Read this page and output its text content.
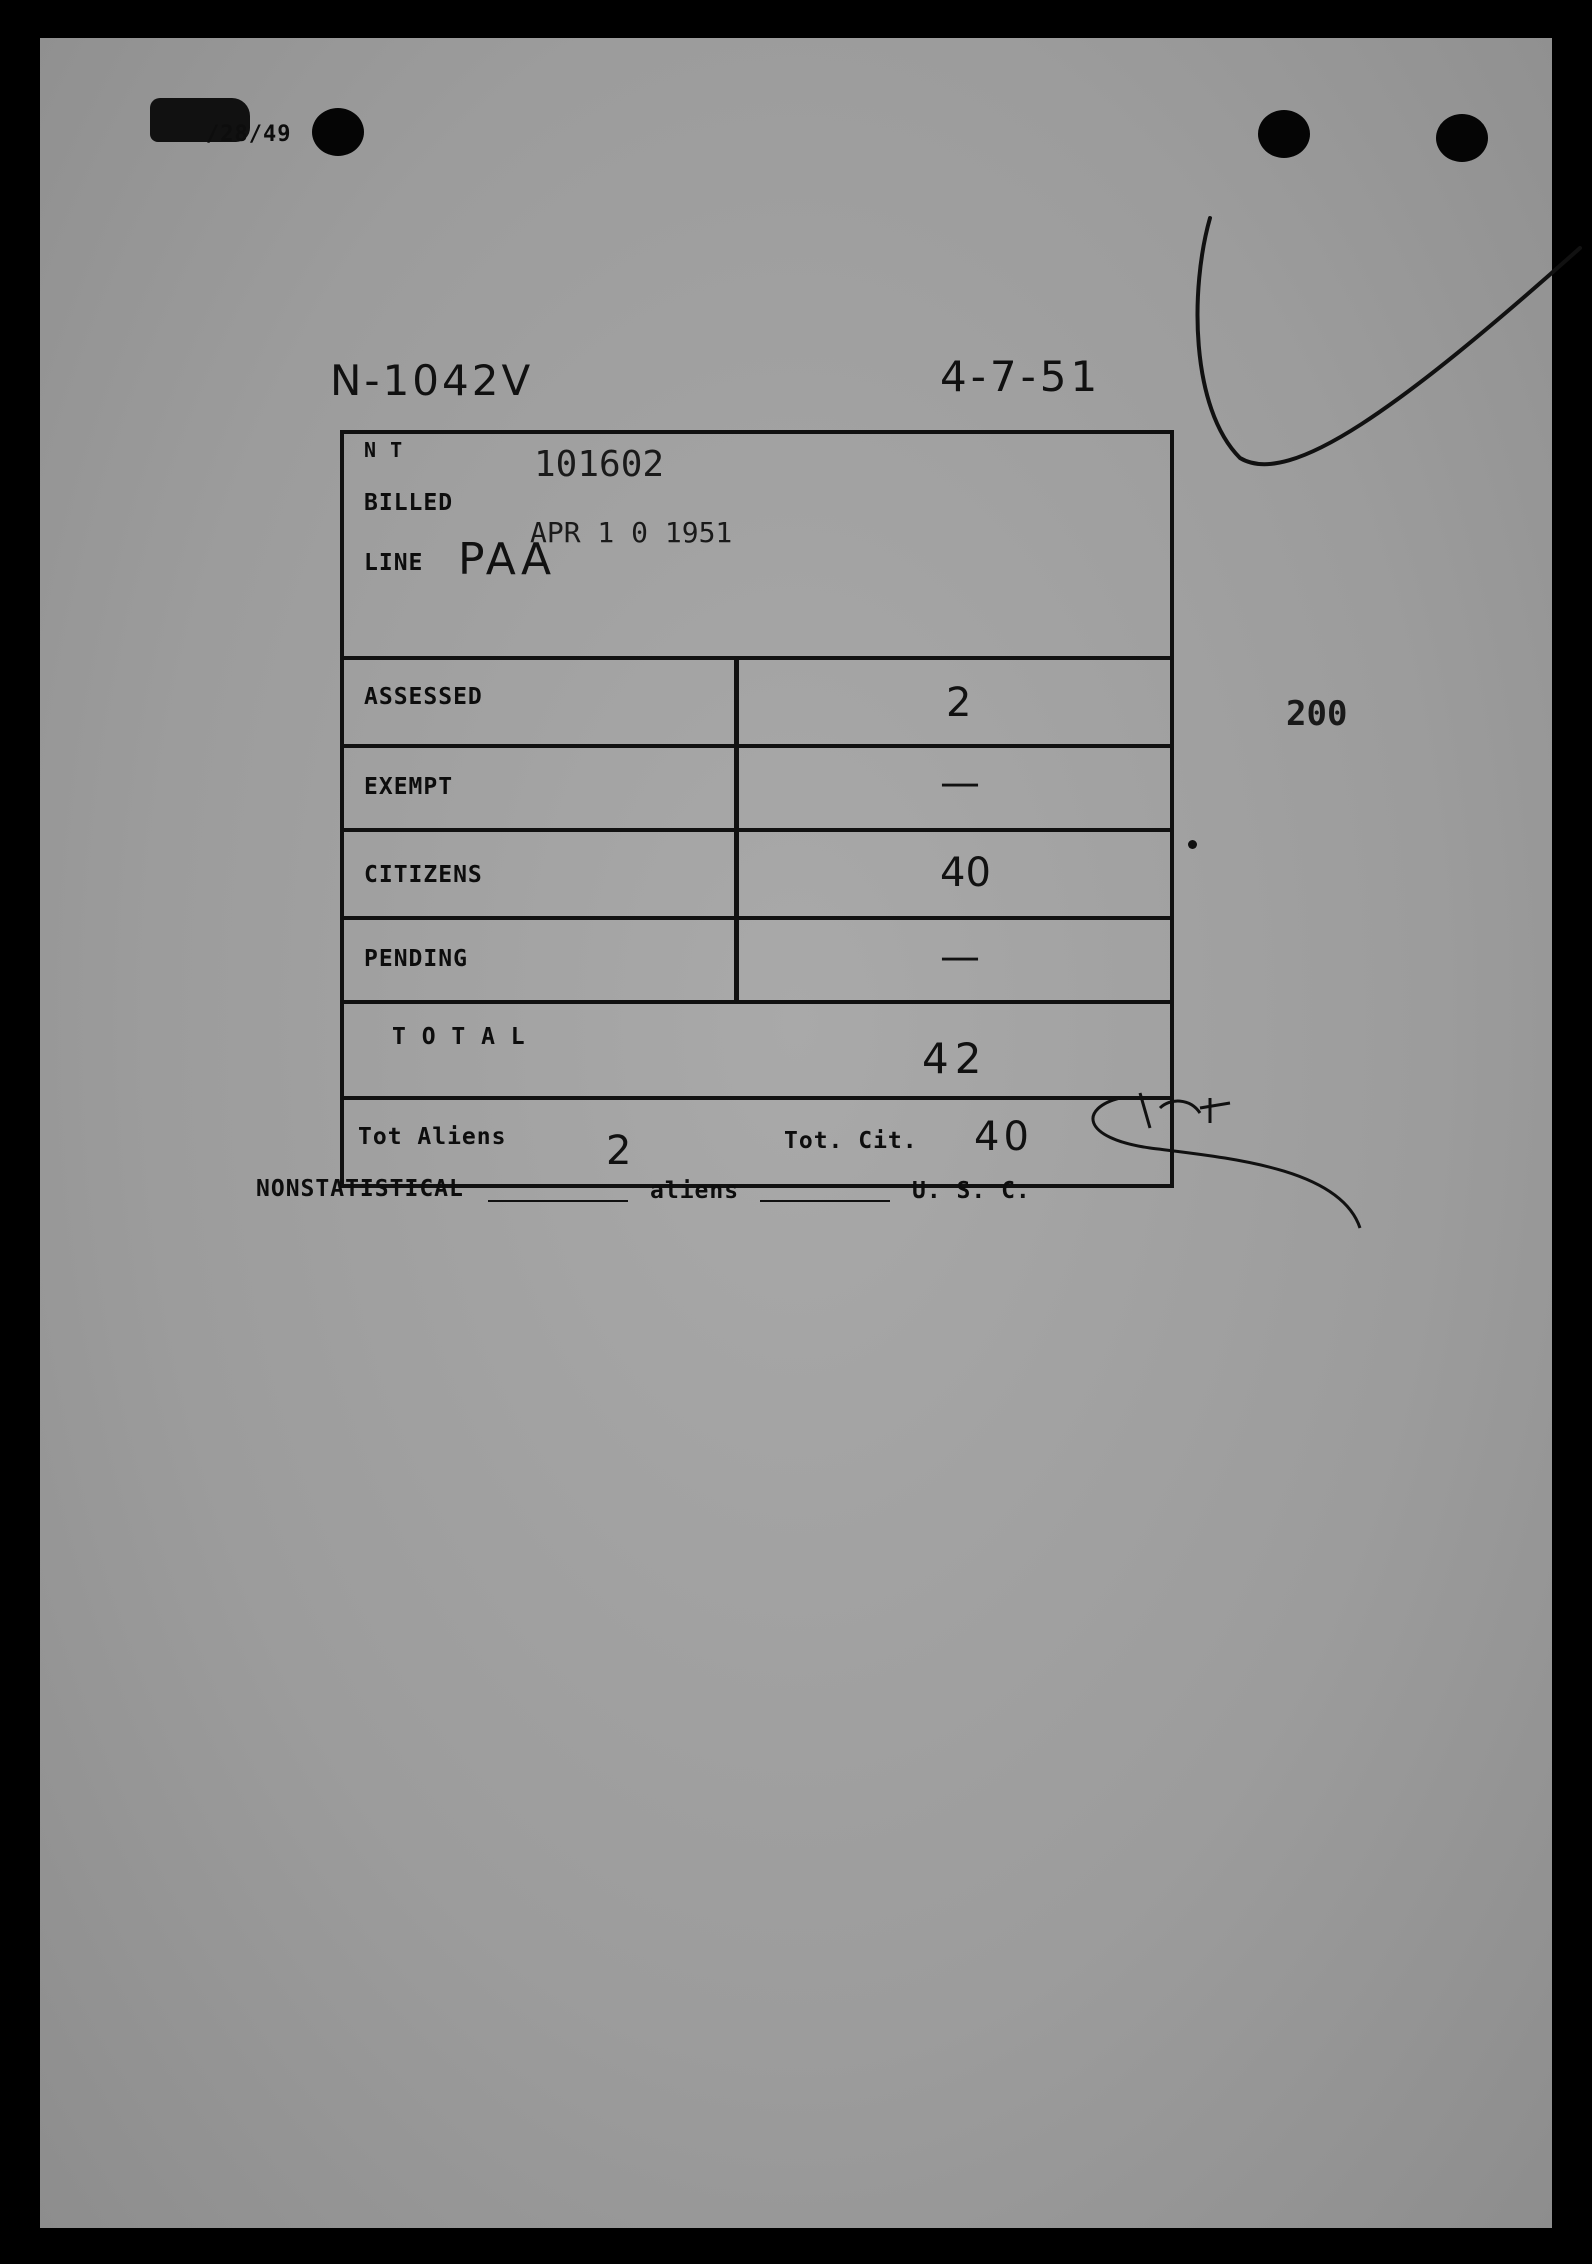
/28/49

N-1042V	4-7-51
N T	101602
BILLED
APR 1 0 1951
LINE PAA
ASSESSED	2
EXEMPT	—
CITIZENS	40
PENDING	—
T O T A L	42
Tot Aliens 2	Tot. Cit. 40
200
NONSTATISTICAL	aliens	U. S. C.
